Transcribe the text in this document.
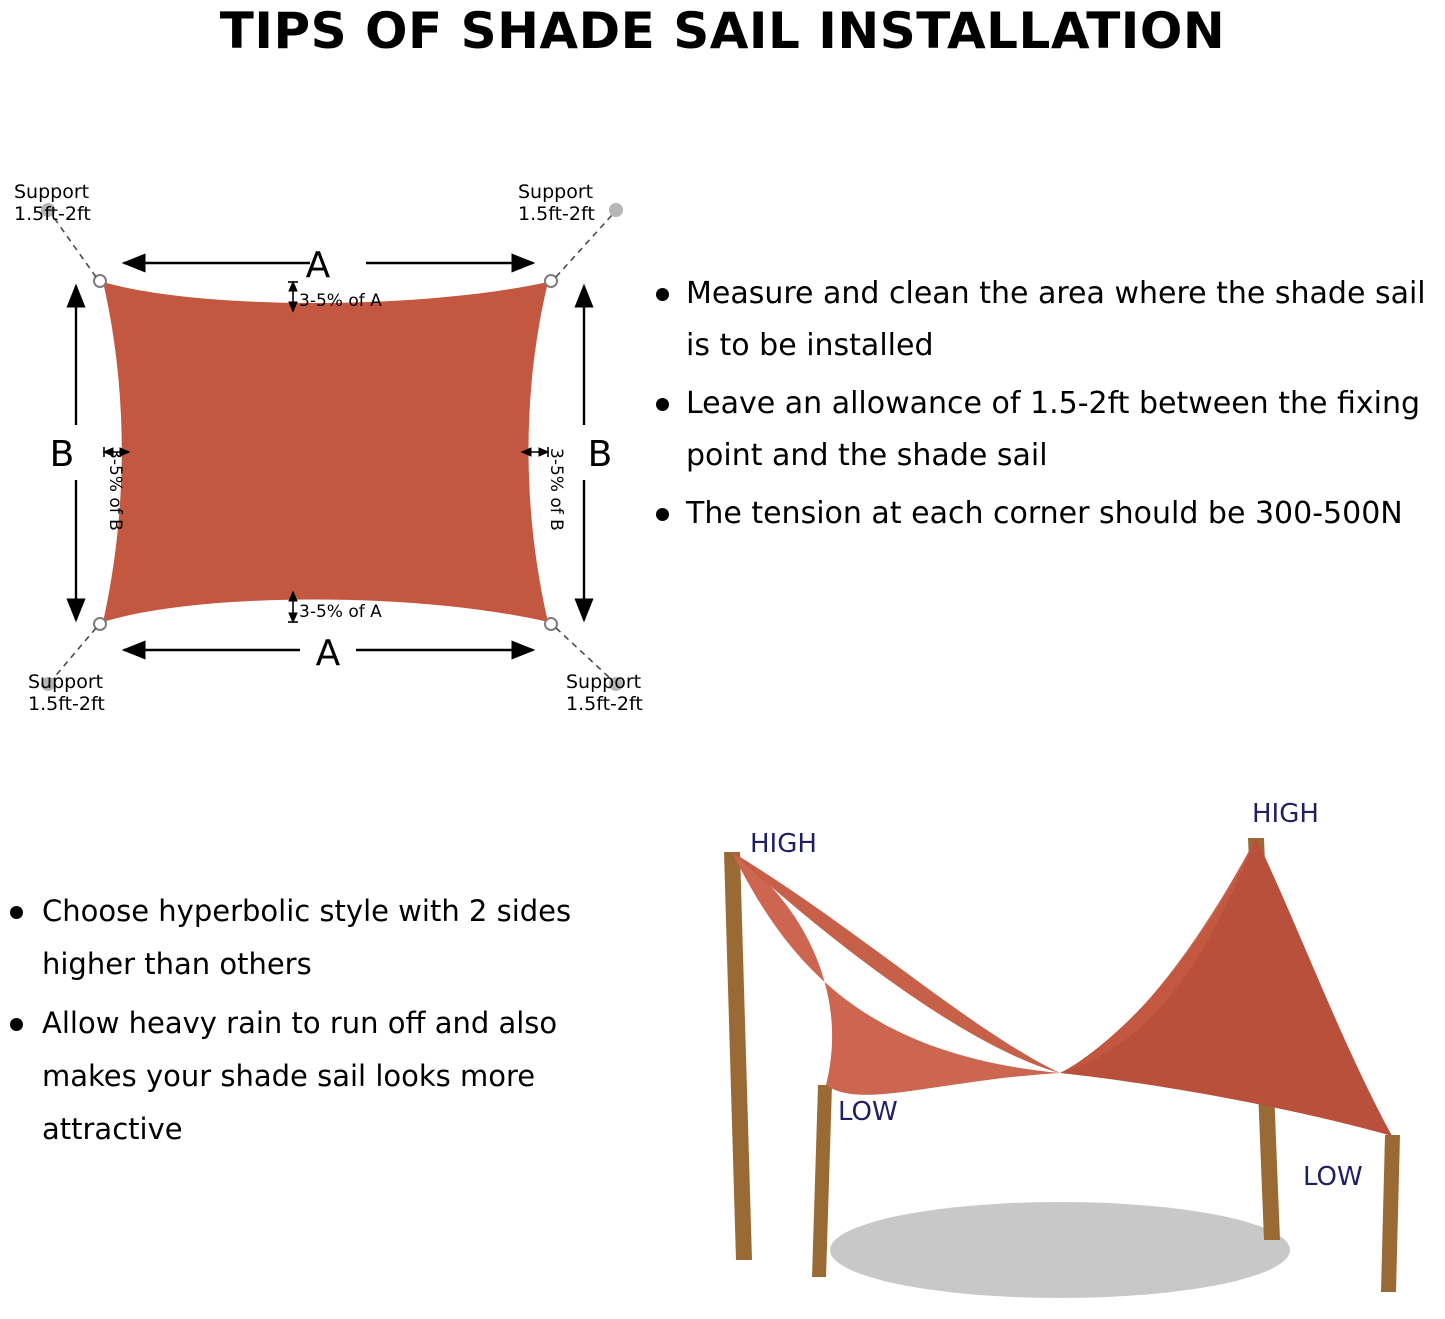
TIPS OF SHADE SAIL INSTALLATION
Support
1.5ft-2ft
Support
1.5ft-2ft
Support
1.5ft-2ft
Support
1.5ft-2ft
A
A
B	B
3-5% of A
3-5% of A
3-5% of B	3-5% of B
Measure and clean the area where the shade sail is to be installed
Leave an allowance of 1.5-2ft between the fixing point and the shade sail
The tension at each corner should be 300-500N
Choose hyperbolic style with 2 sides higher than others
Allow heavy rain to run off and also makes your shade sail looks more attractive
HIGH
HIGH
LOW
LOW
